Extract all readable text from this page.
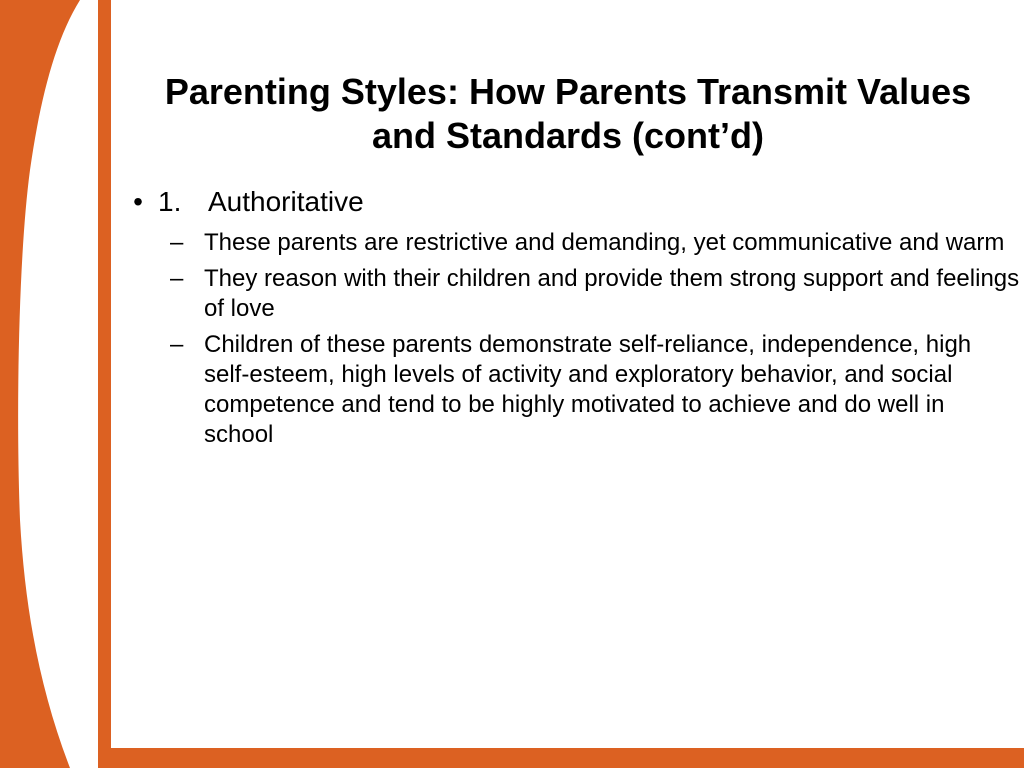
Parenting Styles: How Parents Transmit Values
and Standards (cont’d)
• 1. Authoritative
– These parents are restrictive and demanding, yet communicative and warm
– They reason with their children and provide them strong support and feelings of love
– Children of these parents demonstrate self-reliance, independence, high self-esteem, high levels of activity and exploratory behavior, and social competence and tend to be highly motivated to achieve and do well in school
